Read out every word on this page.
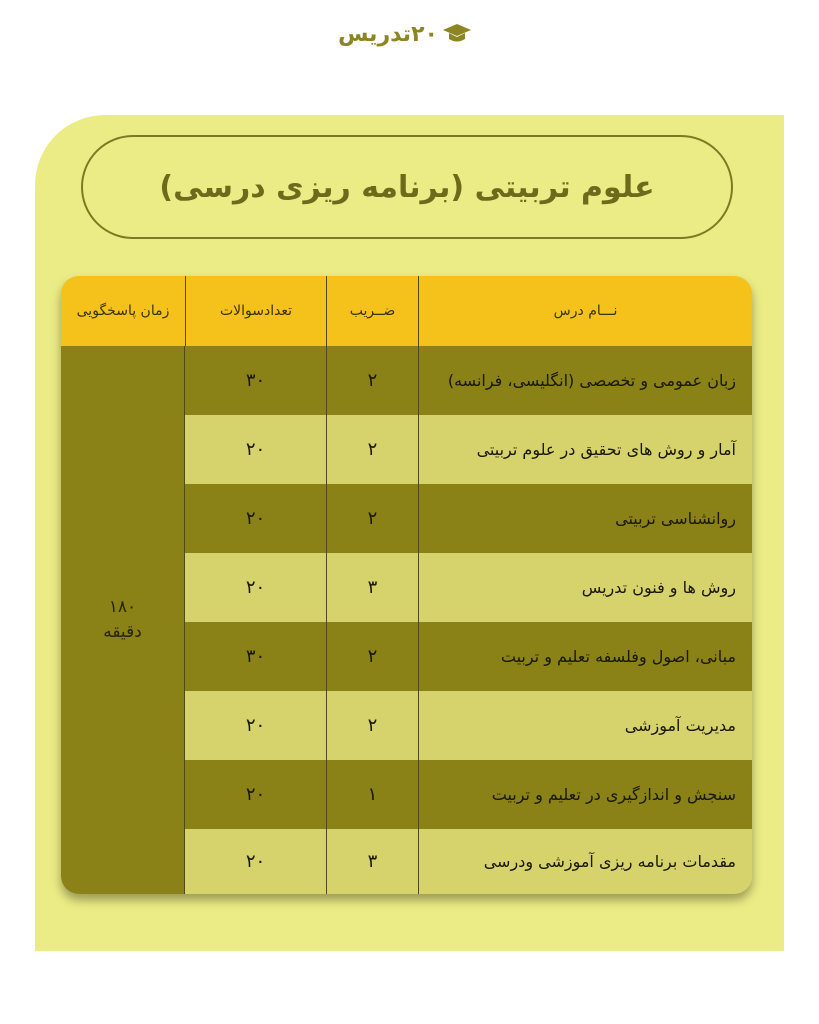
۲۰تدریس
علوم تربیتی (برنامه ریزی درسی)
نـــام درس
ضــریب
تعدادسوالات
زمان پاسخگویی
۱۸۰
دقیقه
زبان عمومی و تخصصی (انگلیسی، فرانسه)
۲
۳۰
آمار و روش های تحقیق در علوم تربیتی
۲
۲۰
روانشناسی تربیتی
۲
۲۰
روش ها و فنون تدریس
۳
۲۰
مبانی، اصول وفلسفه تعلیم و تربیت
۲
۳۰
مدیریت آموزشی
۲
۲۰
سنجش و اندازگیری در تعلیم و تربیت
۱
۲۰
مقدمات برنامه ریزی آموزشی ودرسی
۳
۲۰
